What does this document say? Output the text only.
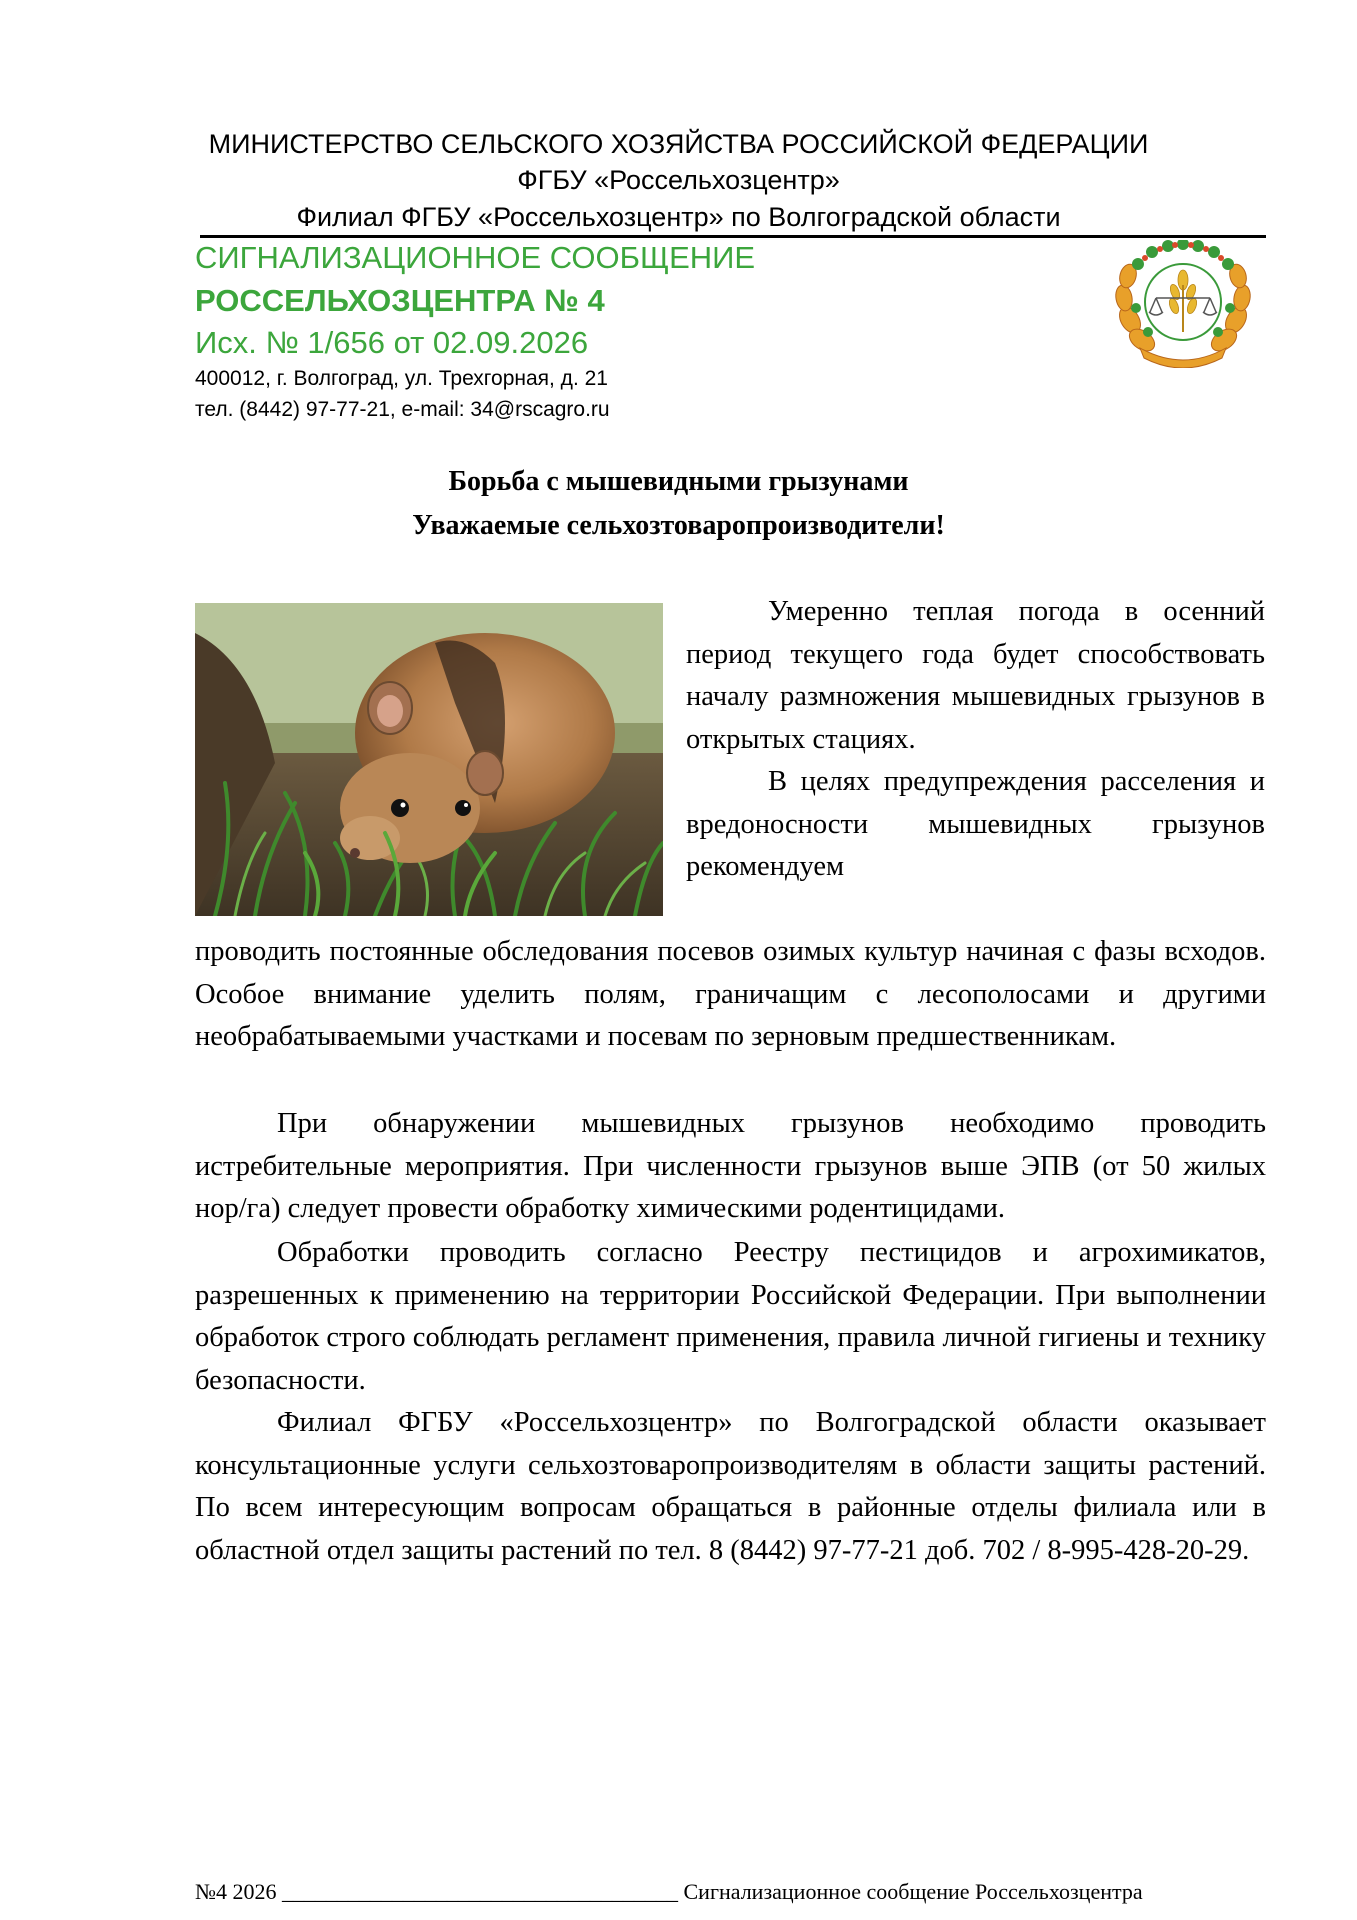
МИНИСТЕРСТВО СЕЛЬСКОГО ХОЗЯЙСТВА РОССИЙСКОЙ ФЕДЕРАЦИИ
ФГБУ «Россельхозцентр»
Филиал ФГБУ «Россельхозцентр» по Волгоградской области
СИГНАЛИЗАЦИОННОЕ СООБЩЕНИЕ
РОССЕЛЬХОЗЦЕНТРА № 4
Исх. № 1/656 от 02.09.2026
400012, г. Волгоград, ул. Трехгорная, д. 21
тел. (8442) 97-77-21, e-mail: 34@rscagro.ru
Борьба с мышевидными грызунами
Уважаемые сельхозтоваропроизводители!

Умеренно теплая погода в осенний период текущего года будет способствовать началу размножения мышевидных грызунов в открытых стациях.

В целях предупреждения расселения и вредоносности мышевидных грызунов рекомендуем

проводить постоянные обследования посевов озимых культур начиная с фазы всходов. Особое внимание уделить полям, граничащим с лесополосами и другими необрабатываемыми участками и посевам по зерновым предшественникам.

При обнаружении мышевидных грызунов необходимо проводить истребительные мероприятия. При численности грызунов выше ЭПВ (от 50 жилых нор/га) следует провести обработку химическими родентицидами.

Обработки проводить согласно Реестру пестицидов и агрохимикатов, разрешенных к применению на территории Российской Федерации. При выполнении обработок строго соблюдать регламент применения, правила личной гигиены и технику безопасности.

Филиал ФГБУ «Россельхозцентр» по Волгоградской области оказывает консультационные услуги сельхозтоваропроизводителям в области защиты растений. По всем интересующим вопросам обращаться в районные отделы филиала или в областной отдел защиты растений по тел. 8 (8442) 97-77-21 доб. 702 / 8-995-428-20-29.

№4 2026 ____________________________________ Сигнализационное сообщение Россельхозцентра
